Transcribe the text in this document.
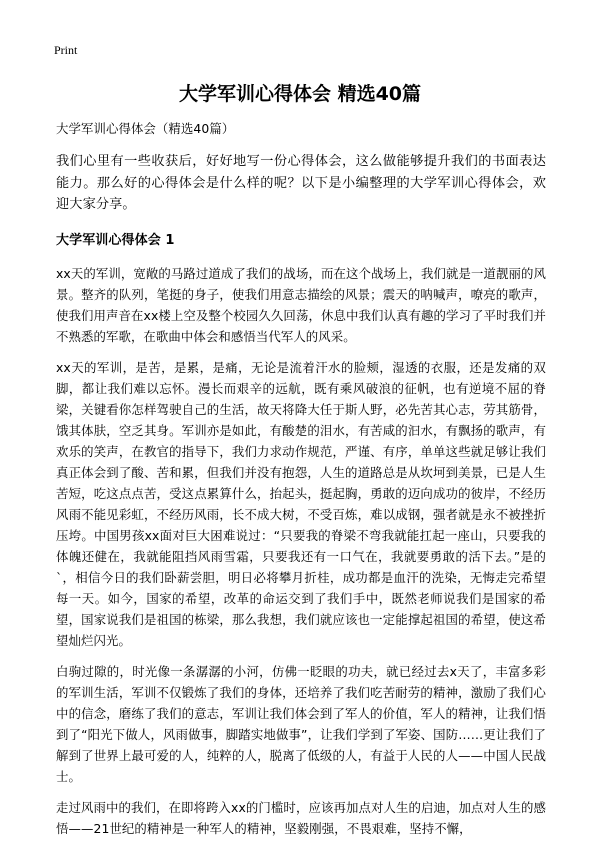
Print
大学军训心得体会 精选40篇

大学军训心得体会（精选40篇）

我们心里有一些收获后，好好地写一份心得体会，这么做能够提升我们的书面表达能力。那么好的心得体会是什么样的呢？以下是小编整理的大学军训心得体会，欢迎大家分享。

大学军训心得体会 1

xx天的军训，宽敞的马路过道成了我们的战场，而在这个战场上，我们就是一道靓丽的风景。整齐的队列，笔挺的身子，使我们用意志描绘的风景；震天的呐喊声，嘹亮的歌声，使我们用声音在xx楼上空及整个校园久久回荡，休息中我们认真有趣的学习了平时我们并不熟悉的军歌，在歌曲中体会和感悟当代军人的风采。

xx天的军训，是苦，是累，是痛，无论是流着汗水的脸颊，湿透的衣服，还是发痛的双脚，都让我们难以忘怀。漫长而艰辛的远航，既有乘风破浪的征帆，也有逆境不屈的脊梁，关键看你怎样驾驶自己的生活，故天将降大任于斯人野，必先苦其心志，劳其筋骨，饿其体肤，空乏其身。军训亦是如此，有酸楚的泪水，有苦咸的汩水，有飘扬的歌声，有欢乐的笑声，在教官的指导下，我们力求动作规范，严谨、有序，单单这些就足够让我们真正体会到了酸、苦和累，但我们并没有抱怨，人生的道路总是从坎坷到美景，已是人生苦短，吃这点点苦，受这点累算什么，抬起头，挺起胸，勇敢的迈向成功的彼岸，不经历风雨不能见彩虹，不经历风雨，长不成大树，不受百炼，难以成钢，强者就是永不被挫折压垮。中国男孩xx面对巨大困难说过：“只要我的脊梁不弯我就能扛起一座山，只要我的体魄还健在，我就能阻挡风雨雪霜，只要我还有一口气在，我就要勇敢的活下去。”是的`，相信今日的我们卧薪尝胆，明日必将攀月折桂，成功都是血汗的洗染，无悔走完希望每一天。如今，国家的希望，改革的命运交到了我们手中，既然老师说我们是国家的希望，国家说我们是祖国的栋梁，那么我想，我们就应该也一定能撑起祖国的希望，使这希望灿烂闪光。

白驹过隙的，时光像一条潺潺的小河，仿佛一眨眼的功夫，就已经过去x天了，丰富多彩的军训生活，军训不仅锻炼了我们的身体，还培养了我们吃苦耐劳的精神，激励了我们心中的信念，磨练了我们的意志，军训让我们体会到了军人的价值，军人的精神，让我们悟到了“阳光下做人，风雨做事，脚踏实地做事”，让我们学到了军姿、国防……更让我们了解到了世界上最可爱的人，纯粹的人，脱离了低级的人，有益于人民的人——中国人民战士。

走过风雨中的我们，在即将跨入xx的门槛时，应该再加点对人生的启迪，加点对人生的感悟——21世纪的精神是一种军人的精神，坚毅刚强，不畏艰难，坚持不懈，
